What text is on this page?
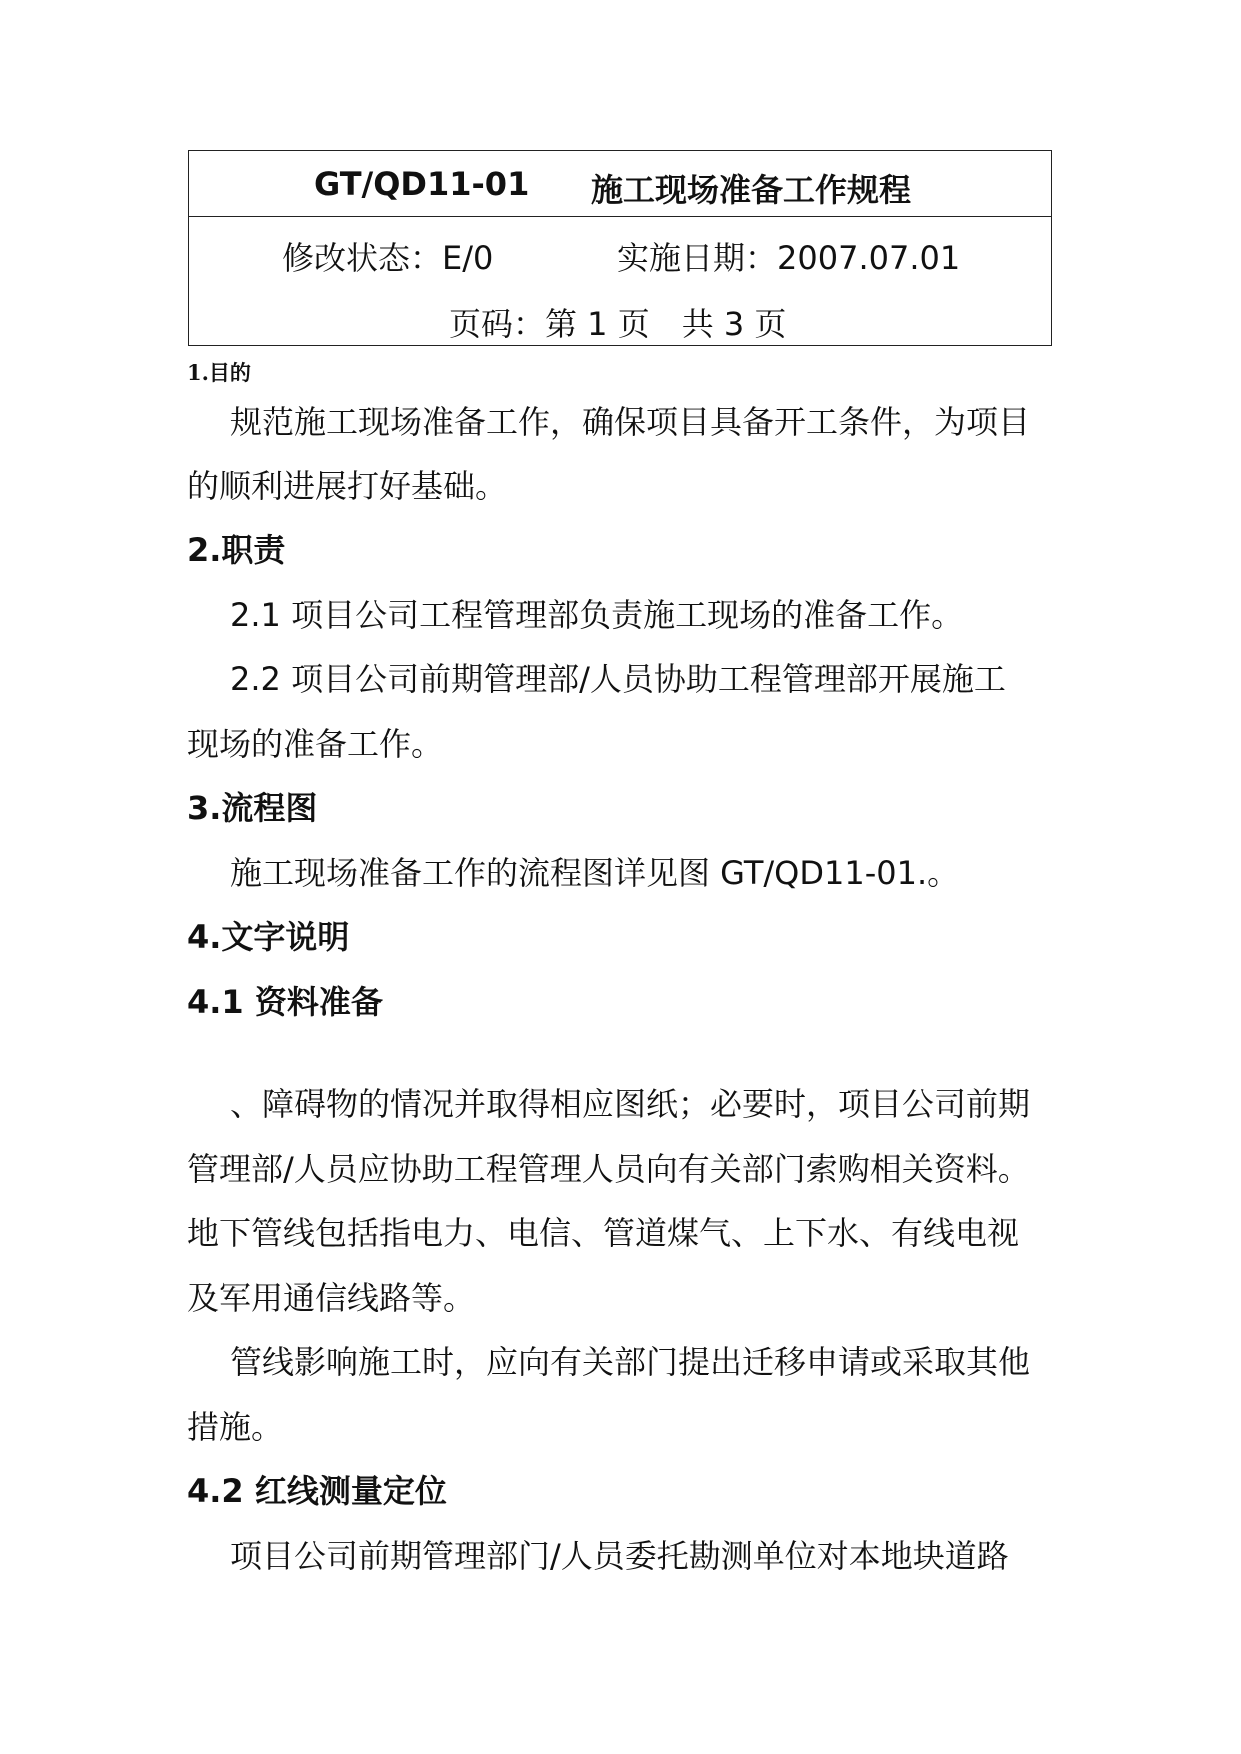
GT/QD11-01 施工现场准备工作规程
修改状态：E/0	实施日期：2007.07.01
页码：第 1 页　共 3 页
1.目的
规范施工现场准备工作，确保项目具备开工条件，为项目
的顺利进展打好基础。
2.职责
2.1 项目公司工程管理部负责施工现场的准备工作。
2.2 项目公司前期管理部/人员协助工程管理部开展施工
现场的准备工作。
3.流程图
施工现场准备工作的流程图详见图 GT/QD11-01.。
4.文字说明
4.1 资料准备
、障碍物的情况并取得相应图纸；必要时，项目公司前期
管理部/人员应协助工程管理人员向有关部门索购相关资料。
地下管线包括指电力、电信、管道煤气、上下水、有线电视
及军用通信线路等。
管线影响施工时，应向有关部门提出迁移申请或采取其他
措施。
4.2 红线测量定位
项目公司前期管理部门/人员委托勘测单位对本地块道路
